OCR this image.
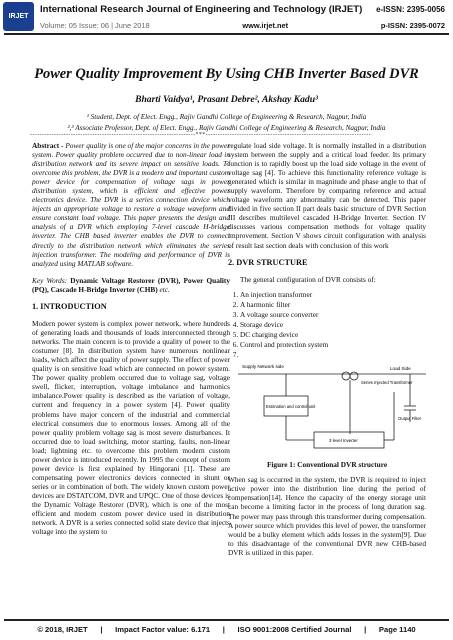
IRJET
International Research Journal of Engineering and Technology (IRJET) e-ISSN: 2395-0056
Volume: 05 Issue: 06 | June 2018	www.irjet.net	p-ISSN: 2395-0072
Power Quality Improvement By Using CHB Inverter Based DVR
Bharti Vaidya¹, Prasant Debre², Akshay Kadu³
¹ Student, Dept. of Elect. Engg., Rajiv Gandhi College of Engineering & Research, Nagpur, India
²,³ Associate Professor, Dept. of Elect. Engg., Rajiv Gandhi College of Engineering & Research, Nagpur, India
---------------------------------------------------------------------***---------------------------------------------------------------------

Abstract - Power quality is one of the major concerns in the power system. Power quality problem occurred due to non-linear load in distribution network and its severe impact on sensitive loads. To overcome this problem, the DVR is a modern and important custom power device for compensation of voltage sags in power distribution system, which is efficient and effective power electronics device. The DVR is a series connection device which injects an appropriate voltage to restore a voltage waveform and ensure constant load voltage. This paper presents the design and analysis of a DVR which employing 7-level cascade H-bridge inverter. The CHB based inverter enables the DVR to connect directly to the distribution network which eliminates the series injection transformer. The modeling and performance of DVR is analyzed using MATLAB software.

Key Words: Dynamic Voltage Restorer (DVR), Power Quality (PQ), Cascade H-Bridge Inverter (CHB) etc.

1. INTRODUCTION

Modern power system is complex power network, where hundreds of generating loads and thousands of loads interconnected through networks. The main concern is to provide a quality of power to the costumer [8]. In distribution system have numerous nonlinear loads, which affect the quality of power supply. The effect of power quality is on sensitive load which are connected on power system. The power quality problem occurred due to voltage sag, voltage swell, flicker, interruption, voltage imbalance and harmonics imbalance.Power quality is described as the variation of voltage, current and frequency in a power system [4]. Power quality problems have major concern of the industrial and commercial electrical consumers due to enormous losses. Among all of the power quality problem voltage sag is most severe disturbances. It occurred due to load switching, motor starting, faults, non-linear load; lightning etc. to overcome this problem modern custom power device is introduced recently. In 1995 the concept of custom power device is first explained by Hingorani [1]. These are compensating power electronics devices connected in shunt or series or in combination of both. The widely known custom power devices are DSTATCOM, DVR and UPQC. One of those devices is the Dynamic Voltage Restorer (DVR), which is one of the most efficient and modern custom power device used in distribution network. A DVR is a series connected solid state device that injects voltage into the system to

regulate load side voltage. It is normally installed in a distribution system between the supply and a critical load feeder. Its primary function is to rapidly boost up the load side voltage in the event of voltage sag [4]. To achieve this functionality reference voltage is generated which is similar in magnitude and phase angle to that of supply waveform. Therefore by comparing reference and actual voltage waveform any abnormality can be detected. This paper divided in five section II part deals basic structure of DVR Section III describes multilevel cascaded H-Bridge Inverter. Section IV discusses various compensation methods for voltage quality improvement. Section V shows circuit configuration with analysis of result last section deals with conclusion of this work

2. DVR STRUCTURE

The general configuration of DVR consists of:

1. An injection transformer
2. A harmonic filter
3. A voltage source converter
4. Storage device
5. DC charging device
6. Control and protection system
7.
Supply Network side	Load Side
Series Injected Transformer
Estimation and control unit
Output Filter
3 level Inverter

Figure 1: Conventional DVR structure

When sag is occurred in the system, the DVR is required to inject active power into the distribution line during the period of compensation[14]. Hence the capacity of the energy storage unit can become a limiting factor in the process of long duration sag. The power may pass through this transformer during compensation. A power source which provides this level of power, the transformer would be a bulky element which adds losses in the system[9]. Due to this disadvantage of the conventional DVR new CHB-based DVR is utilized in this paper.

© 2018, IRJET      |      Impact Factor value: 6.171      |      ISO 9001:2008 Certified Journal      |      Page 1140
